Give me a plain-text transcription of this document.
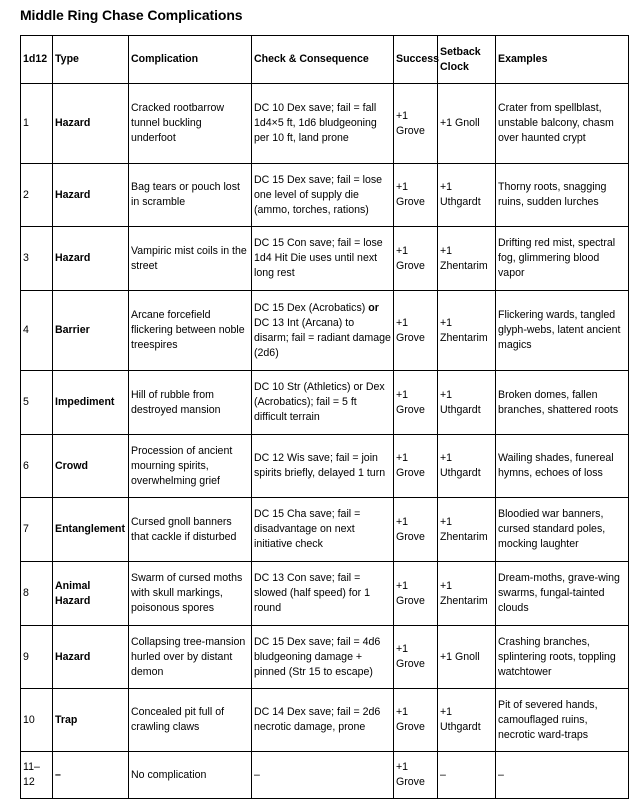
Middle Ring Chase Complications
1d12	Type	Complication	Check & Consequence	Success	Setback Clock	Examples
1	Hazard	Cracked rootbarrow tunnel buckling underfoot	DC 10 Dex save; fail = fall 1d4×5 ft, 1d6 bludgeoning per 10 ft, land prone	+1 Grove	+1 Gnoll	Crater from spellblast, unstable balcony, chasm over haunted crypt
2	Hazard	Bag tears or pouch lost in scramble	DC 15 Dex save; fail = lose one level of supply die (ammo, torches, rations)	+1 Grove	+1 Uthgardt	Thorny roots, snagging ruins, sudden lurches
3	Hazard	Vampiric mist coils in the street	DC 15 Con save; fail = lose 1d4 Hit Die uses until next long rest	+1 Grove	+1 Zhentarim	Drifting red mist, spectral fog, glimmering blood vapor
4	Barrier	Arcane forcefield flickering between noble treespires	DC 15 Dex (Acrobatics) or DC 13 Int (Arcana) to disarm; fail = radiant damage (2d6)	+1 Grove	+1 Zhentarim	Flickering wards, tangled glyph-webs, latent ancient magics
5	Impediment	Hill of rubble from destroyed mansion	DC 10 Str (Athletics) or Dex (Acrobatics); fail = 5 ft difficult terrain	+1 Grove	+1 Uthgardt	Broken domes, fallen branches, shattered roots
6	Crowd	Procession of ancient mourning spirits, overwhelming grief	DC 12 Wis save; fail = join spirits briefly, delayed 1 turn	+1 Grove	+1 Uthgardt	Wailing shades, funereal hymns, echoes of loss
7	Entanglement	Cursed gnoll banners that cackle if disturbed	DC 15 Cha save; fail = disadvantage on next initiative check	+1 Grove	+1 Zhentarim	Bloodied war banners, cursed standard poles, mocking laughter
8	Animal Hazard	Swarm of cursed moths with skull markings, poisonous spores	DC 13 Con save; fail = slowed (half speed) for 1 round	+1 Grove	+1 Zhentarim	Dream-moths, grave-wing swarms, fungal-tainted clouds
9	Hazard	Collapsing tree-mansion hurled over by distant demon	DC 15 Dex save; fail = 4d6 bludgeoning damage + pinned (Str 15 to escape)	+1 Grove	+1 Gnoll	Crashing branches, splintering roots, toppling watchtower
10	Trap	Concealed pit full of crawling claws	DC 14 Dex save; fail = 2d6 necrotic damage, prone	+1 Grove	+1 Uthgardt	Pit of severed hands, camouflaged ruins, necrotic ward-traps
11–12	–	No complication	–	+1 Grove	–	–
